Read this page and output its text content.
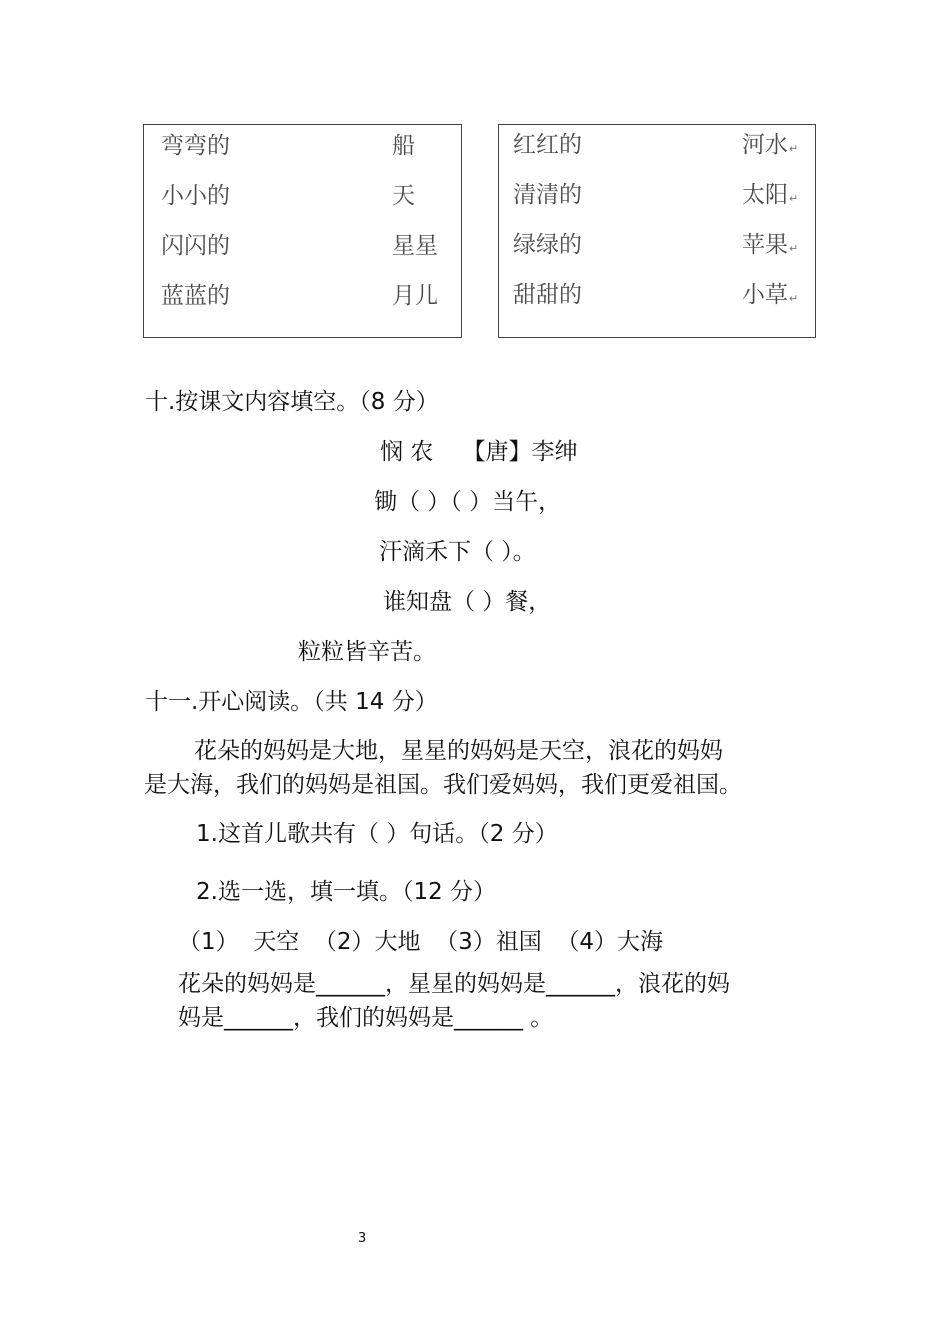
弯弯的
小小的
闪闪的
蓝蓝的
船
天
星星
月儿
红红的
清清的
绿绿的
甜甜的
河水↵
太阳↵
苹果↵
小草↵
十.按课文内容填空。（8 分）
悯 农    【唐】李绅
锄（ ）（ ）当午，
汗滴禾下（ ）。
谁知盘（ ）餐，
粒粒皆辛苦。
十一.开心阅读。（共 14 分）
花朵的妈妈是大地，星星的妈妈是天空，浪花的妈妈
是大海，我们的妈妈是祖国。我们爱妈妈，我们更爱祖国。
1.这首儿歌共有（ ）句话。（2 分）
2.选一选，填一填。（12 分）
（1）  天空  （2）大地  （3）祖国  （4）大海
花朵的妈妈是______，星星的妈妈是______，浪花的妈
妈是______，我们的妈妈是______ 。
3
